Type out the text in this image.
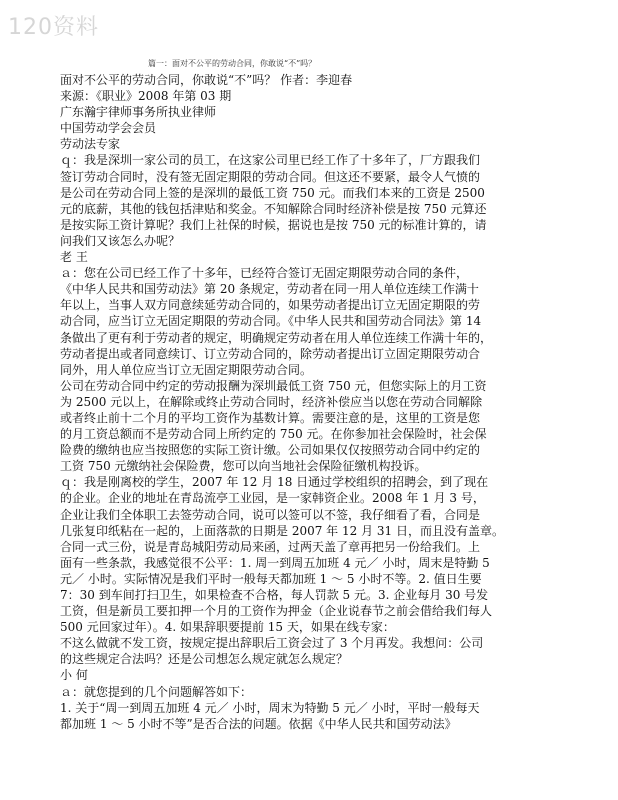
120资料
篇一：面对不公平的劳动合同，你敢说“不”吗？

面对不公平的劳动合同，你敢说“不”吗？ 作者：李迎春

来源：《职业》2008 年第 03 期

广东瀚宇律师事务所执业律师

中国劳动学会会员

劳动法专家

ｑ：我是深圳一家公司的员工，在这家公司里已经工作了十多年了，厂方跟我们

签订劳动合同时，没有签无固定期限的劳动合同。但这还不要紧，最令人气愤的

是公司在劳动合同上签的是深圳的最低工资 750 元。而我们本来的工资是 2500

元的底薪，其他的钱包括津贴和奖金。不知解除合同时经济补偿是按 750 元算还

是按实际工资计算呢？我们上社保的时候，据说也是按 750 元的标准计算的，请

问我们又该怎么办呢？

老 王

ａ：您在公司已经工作了十多年，已经符合签订无固定期限劳动合同的条件，

《中华人民共和国劳动法》第 20 条规定，劳动者在同一用人单位连续工作满十

年以上，当事人双方同意续延劳动合同的，如果劳动者提出订立无固定期限的劳

动合同，应当订立无固定期限的劳动合同。《中华人民共和国劳动合同法》第 14

条做出了更有利于劳动者的规定，明确规定劳动者在用人单位连续工作满十年的，

劳动者提出或者同意续订、订立劳动合同的，除劳动者提出订立固定期限劳动合

同外，用人单位应当订立无固定期限劳动合同。

公司在劳动合同中约定的劳动报酬为深圳最低工资 750 元，但您实际上的月工资

为 2500 元以上，在解除或终止劳动合同时，经济补偿应当以您在劳动合同解除

或者终止前十二个月的平均工资作为基数计算。需要注意的是，这里的工资是您

的月工资总额而不是劳动合同上所约定的 750 元。在你参加社会保险时，社会保

险费的缴纳也应当按照您的实际工资计缴。公司如果仅仅按照劳动合同中约定的

工资 750 元缴纳社会保险费，您可以向当地社会保险征缴机构投诉。

ｑ：我是刚离校的学生，2007 年 12 月 18 日通过学校组织的招聘会，到了现在

的企业。企业的地址在青岛流亭工业园，是一家韩资企业。2008 年 1 月 3 号，

企业让我们全体职工去签劳动合同，说可以签可以不签，我仔细看了看，合同是

几张复印纸粘在一起的，上面落款的日期是 2007 年 12 月 31 日，而且没有盖章。

合同一式三份，说是青岛城阳劳动局来函，过两天盖了章再把另一份给我们。上

面有一些条款，我感觉很不公平：1. 周一到周五加班 4 元／ 小时，周末是特勤 5

元／ 小时。实际情况是我们平时一般每天都加班 1 ～ 5 小时不等。2. 值日生要

7：30 到车间打扫卫生，如果检查不合格，每人罚款 5 元。3. 企业每月 30 号发

工资，但是新员工要扣押一个月的工资作为押金（企业说春节之前会借给我们每人

500 元回家过年）。4. 如果辞职要提前 15 天，如果在线专家：

不这么做就不发工资，按规定提出辞职后工资会过了 3 个月再发。我想问：公司

的这些规定合法吗？还是公司想怎么规定就怎么规定？

小 何

ａ：就您提到的几个问题解答如下：

1. 关于“周一到周五加班 4 元／ 小时，周末为特勤 5 元／ 小时，平时一般每天

都加班 1 ～ 5 小时不等”是否合法的问题。依据《中华人民共和国劳动法》
